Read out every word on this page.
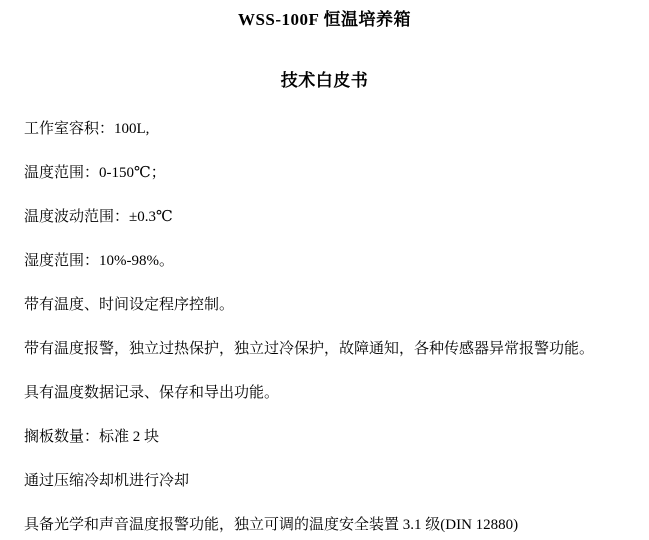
WSS-100F 恒温培养箱
技术白皮书

工作室容积：100L,

温度范围：0-150℃；

温度波动范围：±0.3℃

湿度范围：10%-98%。

带有温度、时间设定程序控制。

带有温度报警，独立过热保护，独立过冷保护，故障通知，各种传感器异常报警功能。

具有温度数据记录、保存和导出功能。

搁板数量：标准 2 块

通过压缩冷却机进行冷却

具备光学和声音温度报警功能，独立可调的温度安全装置 3.1 级(DIN 12880)
